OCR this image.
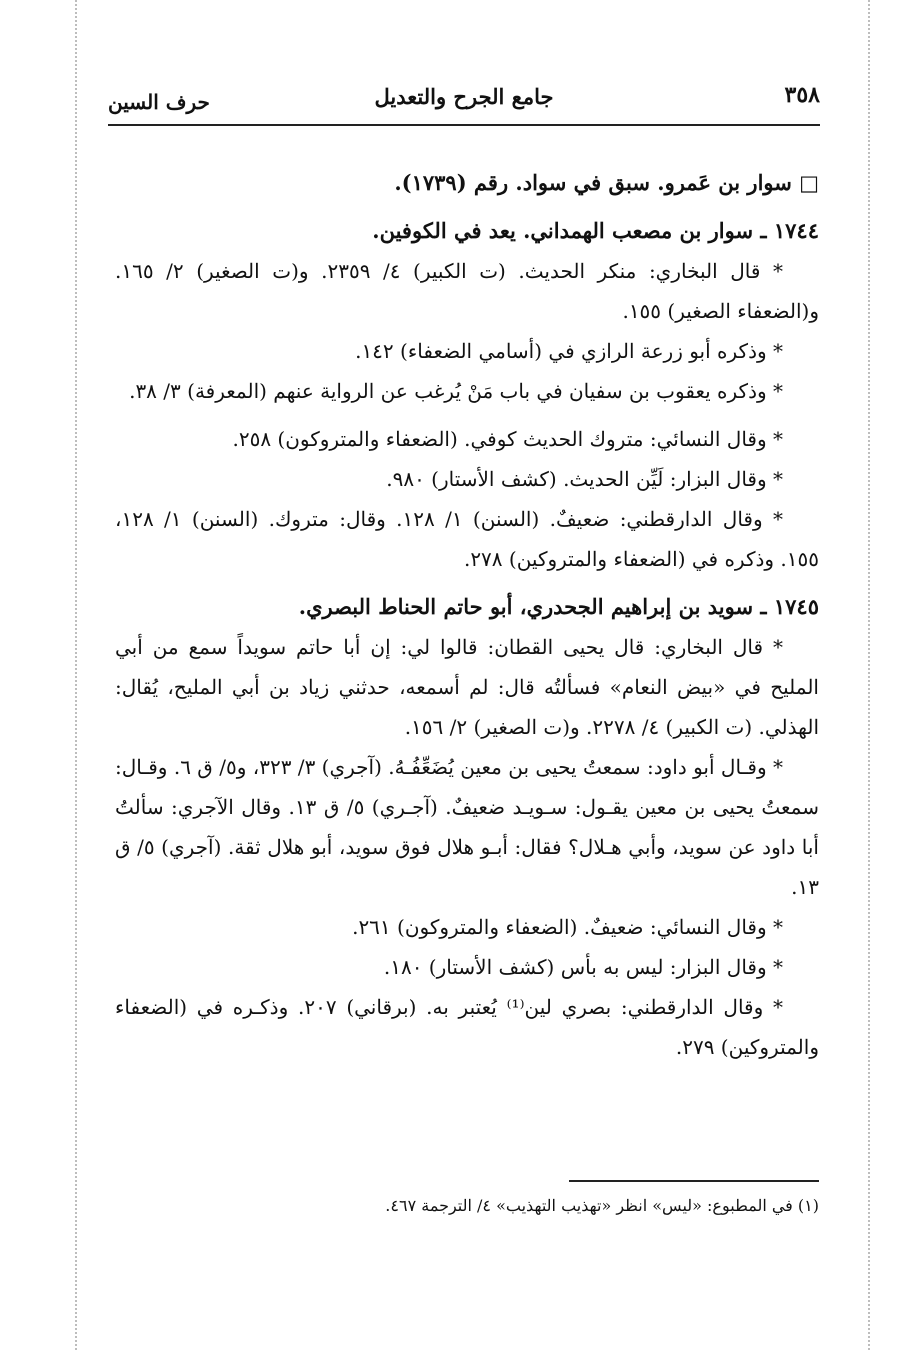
٣٥٨
جامع الجرح والتعديل
حرف السين

□ سوار بن عَمرو. سبق في سواد. رقم (١٧٣٩).

١٧٤٤ ـ سوار بن مصعب الهمداني. يعد في الكوفين.

* قال البخاري: منكر الحديث. (ت الكبير) ٤/ ٢٣٥٩. و(ت الصغير) ٢/ ١٦٥. و(الضعفاء الصغير) ١٥٥.

* وذكره أبو زرعة الرازي في (أسامي الضعفاء) ١٤٢.

* وذكره يعقوب بن سفيان في باب مَنْ يُرغب عن الرواية عنهم (المعرفة) ٣/ ٣٨.

* وقال النسائي: متروك الحديث كوفي. (الضعفاء والمتروكون) ٢٥٨.

* وقال البزار: لَيِّن الحديث. (كشف الأستار) ٩٨٠.

* وقال الدارقطني: ضعيفٌ. (السنن) ١/ ١٢٨. وقال: متروك. (السنن) ١/ ١٢٨، ١٥٥. وذكره في (الضعفاء والمتروكين) ٢٧٨.

١٧٤٥ ـ سويد بن إبراهيم الجحدري، أبو حاتم الحناط البصري.

* قال البخاري: قال يحيى القطان: قالوا لي: إن أبا حاتم سويداً سمع من أبي المليح في «بيض النعام» فسألتُه قال: لم أسمعه، حدثني زياد بن أبي المليح، يُقال: الهذلي. (ت الكبير) ٤/ ٢٢٧٨. و(ت الصغير) ٢/ ١٥٦.

* وقـال أبو داود: سمعتُ يحيى بن معين يُضَعِّفُـهُ. (آجري) ٣/ ٣٢٣، و٥/ ق ٦. وقـال: سمعتُ يحيى بن معين يقـول: سـويـد ضعيفٌ. (آجـري) ٥/ ق ١٣. وقال الآجري: سألتُ أبا داود عن سويد، وأبي هـلال؟ فقال: أبـو هلال فوق سويد، أبو هلال ثقة. (آجري) ٥/ ق ١٣.

* وقال النسائي: ضعيفٌ. (الضعفاء والمتروكون) ٢٦١.

* وقال البزار: ليس به بأس (كشف الأستار) ١٨٠.

* وقال الدارقطني: بصري لين⁽¹⁾ يُعتبر به. (برقاني) ٢٠٧. وذكـره في (الضعفاء والمتروكين) ٢٧٩.

(١) في المطبوع: «ليس» انظر «تهذيب التهذيب» ٤/ الترجمة ٤٦٧.
